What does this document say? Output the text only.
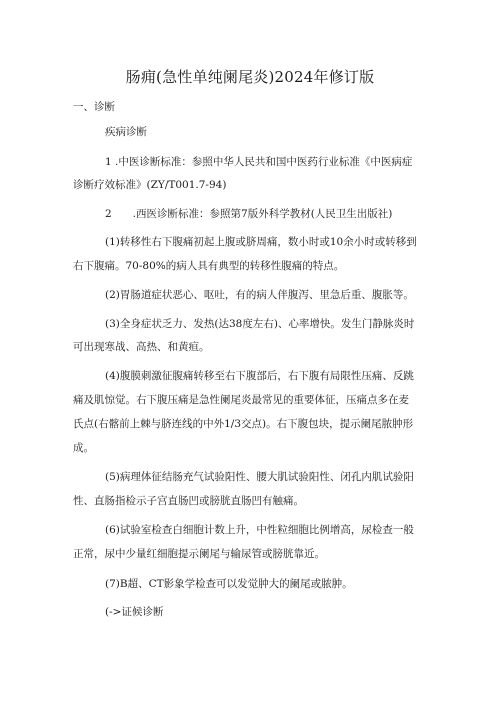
肠痈(急性单纯阑尾炎)2024年修订版
一、诊断
疾病诊断
1 .中医诊断标准：参照中华人民共和国中医药行业标准《中医病症
诊断疗效标准》(ZY/T001.7-94)
2　　.西医诊断标准：参照第7版外科学教材(人民卫生出版社)
(1)转移性右下腹痛初起上腹或脐周痛，数小时或10余小时或转移到
右下腹痛。70-80%的病人具有典型的转移性腹痛的特点。
(2)胃肠道症状恶心、呕吐，有的病人伴腹泻、里急后重、腹胀等。
(3)全身症状乏力、发热(达38度左右)、心率增快。发生门静脉炎时
可出现寒战、高热、和黄疸。
(4)腹膜刺激征腹痛转移至右下腹部后，右下腹有局限性压痛、反跳
痛及肌惊觉。右下腹压痛是急性阑尾炎最常见的重要体征，压痛点多在麦
氏点(右髂前上棘与脐连线的中外1/3交点)。右下腹包块，提示阑尾脓肿形
成。
(5)病理体征结肠充气试验阳性、腰大肌试验阳性、闭孔内肌试验阳
性、直肠指检示子宫直肠凹或膀胱直肠凹有触痛。
(6)试验室检查白细胞计数上升，中性粒细胞比例增高，尿检查一般
正常，尿中少量红细胞提示阑尾与输尿管或膀胱靠近。
(7)B超、CT影象学检查可以发觉肿大的阑尾或脓肿。
(->证候诊断
